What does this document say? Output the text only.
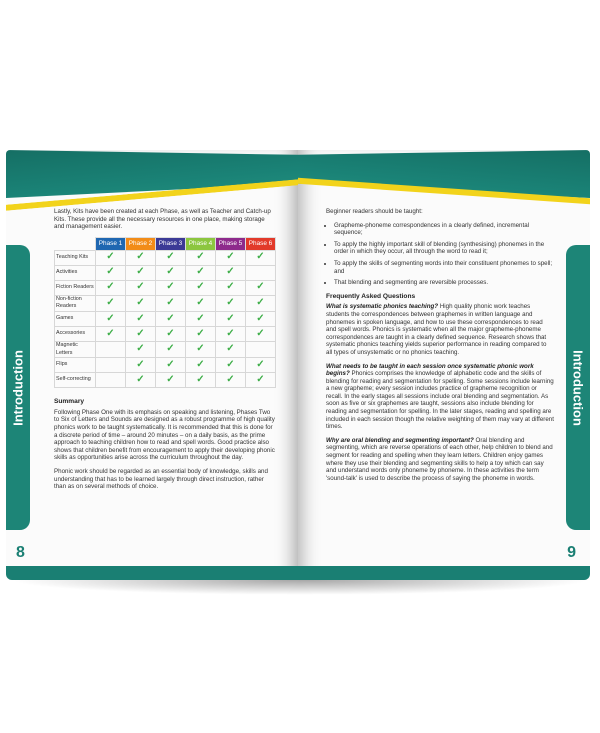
Introduction

Lastly, Kits have been created at each Phase, as well as Teacher and Catch-up Kits. These provide all the necessary resources in one place, making storage and management easier.

	Phase 1	Phase 2	Phase 3	Phase 4	Phase 5	Phase 6
Teaching Kits	✓	✓	✓	✓	✓	✓
Activities	✓	✓	✓	✓	✓	
Fiction Readers	✓	✓	✓	✓	✓	✓
Non-fiction Readers	✓	✓	✓	✓	✓	✓
Games	✓	✓	✓	✓	✓	✓
Accessories	✓	✓	✓	✓	✓	✓
Magnetic Letters		✓	✓	✓	✓	
Flips		✓	✓	✓	✓	✓
Self-correcting		✓	✓	✓	✓	✓
Summary

Following Phase One with its emphasis on speaking and listening, Phases Two to Six of Letters and Sounds are designed as a robust programme of high quality phonics work to be taught systematically. It is recommended that this is done for a discrete period of time – around 20 minutes – on a daily basis, as the prime approach to teaching children how to read and spell words. Good practice also shows that children benefit from encouragement to apply their developing phonic skills as opportunities arise across the curriculum throughout the day.

Phonic work should be regarded as an essential body of knowledge, skills and understanding that has to be learned largely through direct instruction, rather than as on several methods of choice.

8
Introduction

Beginner readers should be taught:

• Grapheme-phoneme correspondences in a clearly defined, incremental sequence;
• To apply the highly important skill of blending (synthesising) phonemes in the order in which they occur, all through the word to read it;
• To apply the skills of segmenting words into their constituent phonemes to spell; and
• That blending and segmenting are reversible processes.
Frequently Asked Questions

What is systematic phonics teaching? High quality phonic work teaches students the correspondences between graphemes in written language and phonemes in spoken language, and how to use these correspondences to read and spell words. Phonics is systematic when all the major grapheme-phoneme correspondences are taught in a clearly defined sequence. Research shows that systematic phonics teaching yields superior performance in reading compared to all types of unsystematic or no phonics teaching.

What needs to be taught in each session once systematic phonic work begins? Phonics comprises the knowledge of alphabetic code and the skills of blending for reading and segmentation for spelling. Some sessions include learning a new grapheme; every session includes practice of grapheme recognition or recall. In the early stages all sessions include oral blending and segmentation. As soon as five or six graphemes are taught, sessions also include blending for reading and segmentation for spelling. In the later stages, reading and spelling are included in each session though the relative weighting of them may vary at different times.

Why are oral blending and segmenting important? Oral blending and segmenting, which are reverse operations of each other, help children to blend and segment for reading and spelling when they learn letters. Children enjoy games where they use their blending and segmenting skills to help a toy which can say and understand words only phoneme by phoneme. In these activities the term 'sound-talk' is used to describe the process of saying the phoneme in words.

9
